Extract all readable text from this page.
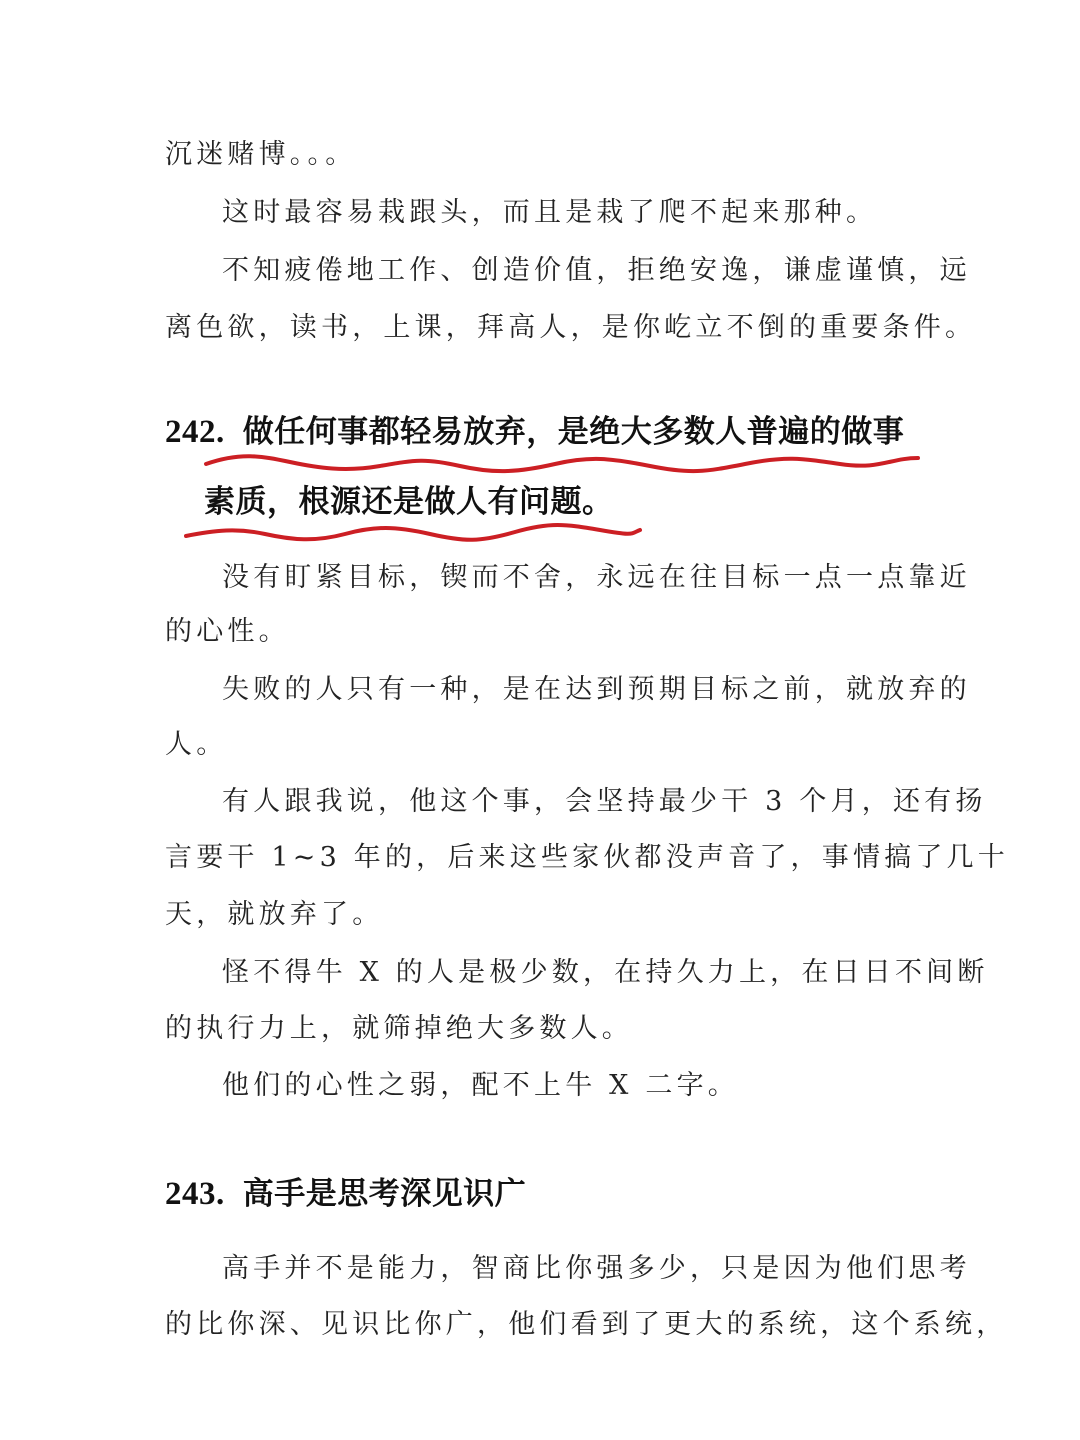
沉迷赌博。。。
这时最容易栽跟头，而且是栽了爬不起来那种。
不知疲倦地工作、创造价值，拒绝安逸，谦虚谨慎，远
离色欲，读书，上课，拜高人，是你屹立不倒的重要条件。
242. 做任何事都轻易放弃，是绝大多数人普遍的做事
素质，根源还是做人有问题。
没有盯紧目标，锲而不舍，永远在往目标一点一点靠近
的心性。
失败的人只有一种，是在达到预期目标之前，就放弃的
人。
有人跟我说，他这个事，会坚持最少干 3 个月，还有扬
言要干 1~3 年的，后来这些家伙都没声音了，事情搞了几十
天，就放弃了。
怪不得牛 X 的人是极少数，在持久力上，在日日不间断
的执行力上，就筛掉绝大多数人。
他们的心性之弱，配不上牛 X 二字。
243. 高手是思考深见识广
高手并不是能力，智商比你强多少，只是因为他们思考
的比你深、见识比你广，他们看到了更大的系统，这个系统，
